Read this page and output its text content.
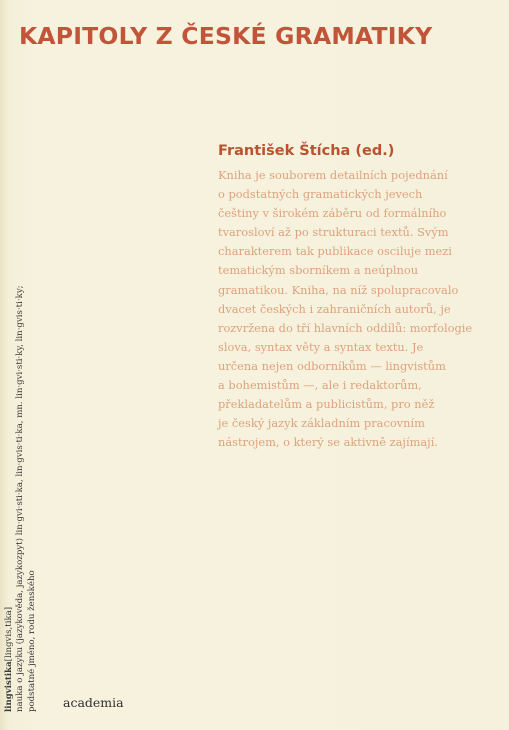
KAPITOLY Z ČESKÉ GRAMATIKY
František Štícha (ed.)
Kniha je souborem detailních pojednání
o podstatných gramatických jevech
češtiny v širokém záběru od formálního
tvarosloví až po strukturaci textů. Svým
charakterem tak publikace osciluje mezi
tematickým sborníkem a neúplnou
gramatikou. Kniha, na níž spolupracovalo
dvacet českých i zahraničních autorů, je
rozvržena do tří hlavních oddílů: morfologie
slova, syntax věty a syntax textu. Je
určena nejen odborníkům — lingvistům
a bohemistům —, ale i redaktorům,
překladatelům a publicistům, pro něž
je český jazyk základním pracovním
nástrojem, o který se aktivně zajímají.
lingvistika[lingvis,tika] nauka o jazyku (jazykověda, jazykozpyt) lin·gvi·sti·ka, lin·gvis·ti·ka, mn. lin·gvi·sti·ky, lin·gvis·ti·ky; podstatné jméno, rodu ženského academia
